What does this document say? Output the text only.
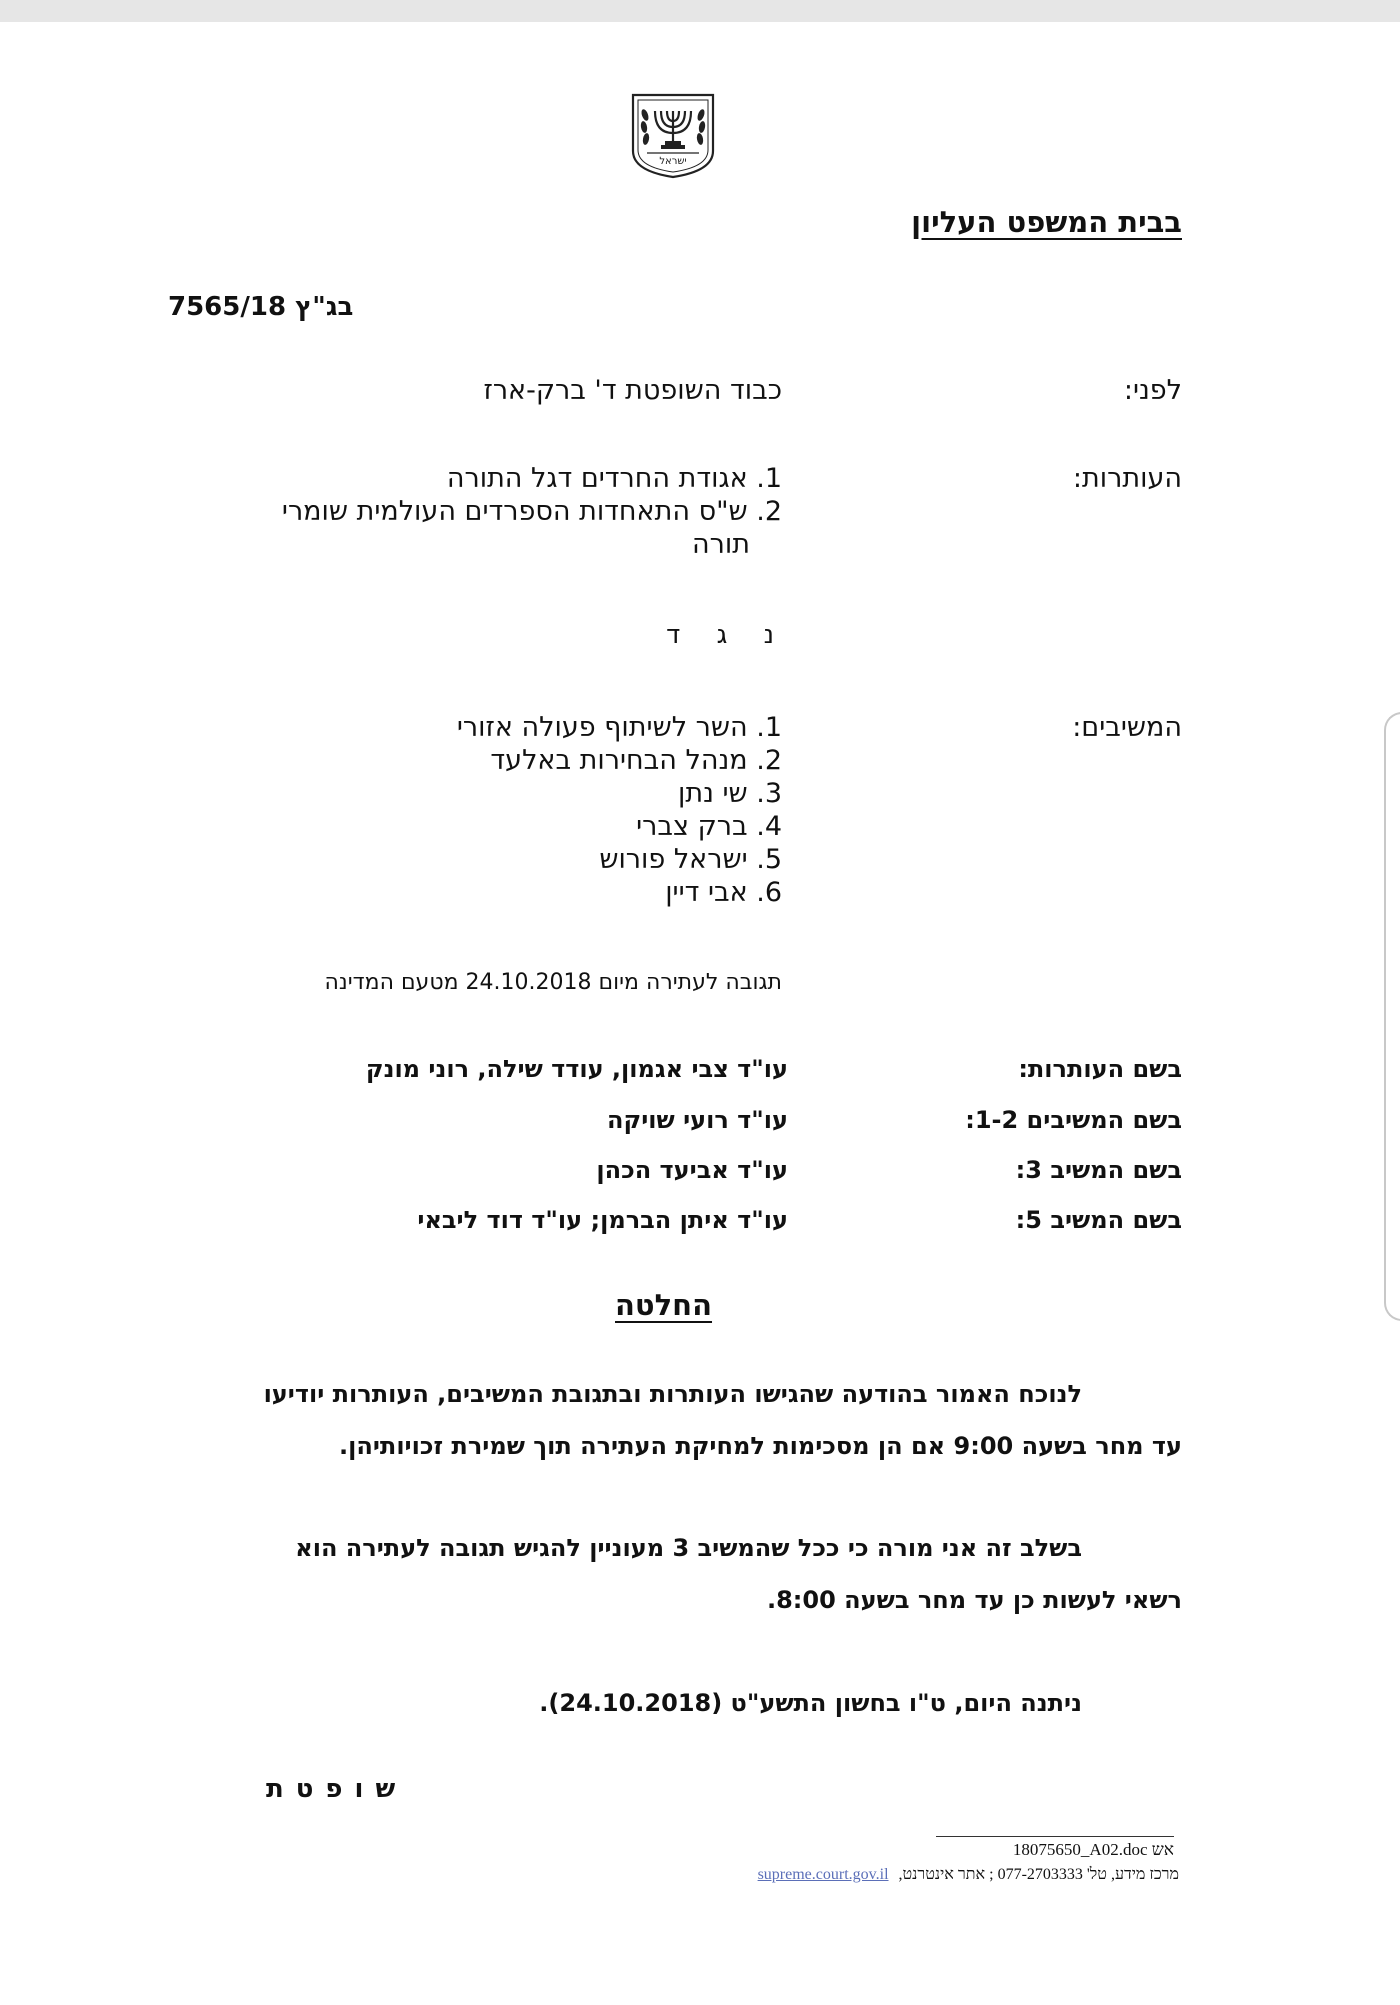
ישראל
בבית המשפט העליון
בג"ץ 7565/18
לפני:
כבוד השופטת ד' ברק-ארז
העותרות:
1. אגודת החרדים דגל התורה
2. ש"ס התאחדות הספרדים העולמית שומרי
תורה
נ ג ד
המשיבים:
1. השר לשיתוף פעולה אזורי
2. מנהל הבחירות באלעד
3. שי נתן
4. ברק צברי
5. ישראל פורוש
6. אבי דיין
תגובה לעתירה מיום 24.10.2018 מטעם המדינה
בשם העותרות:
עו"ד צבי אגמון, עודד שילה, רוני מונק
בשם המשיבים 1-2:
עו"ד רועי שויקה
בשם המשיב 3:
עו"ד אביעד הכהן
בשם המשיב 5:
עו"ד איתן הברמן; עו"ד דוד ליבאי
החלטה
לנוכח האמור בהודעה שהגישו העותרות ובתגובת המשיבים, העותרות יודיעו
עד מחר בשעה 9:00 אם הן מסכימות למחיקת העתירה תוך שמירת זכויותיהן.
בשלב זה אני מורה כי ככל שהמשיב 3 מעוניין להגיש תגובה לעתירה הוא
רשאי לעשות כן עד מחר בשעה 8:00.
ניתנה היום, ט"ו בחשון התשע"ט (24.10.2018).
שופטת
18075650_A02.doc אש
מרכז מידע, טל' 077-2703333 ; אתר אינטרנט, supreme.court.gov.il
